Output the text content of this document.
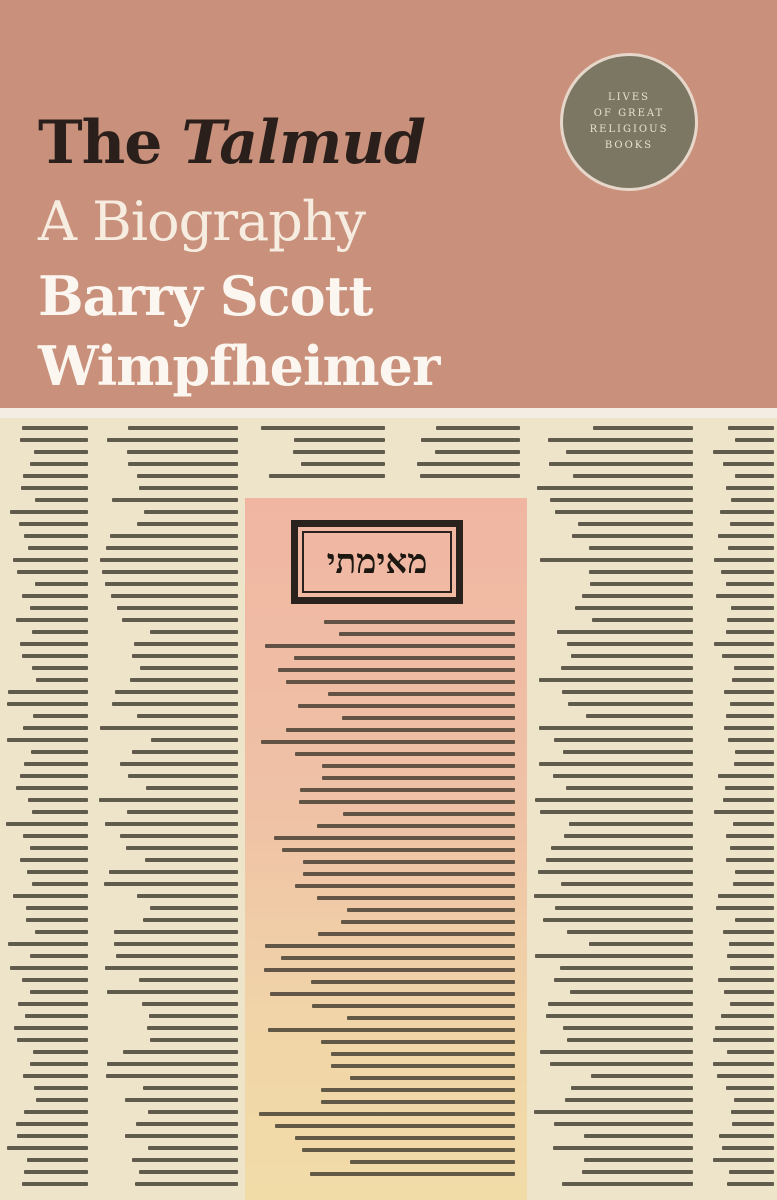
The Talmud
A Biography
Barry Scott
Wimpfheimer
LIVES
OF GREAT
RELIGIOUS
BOOKS
מאימתי
